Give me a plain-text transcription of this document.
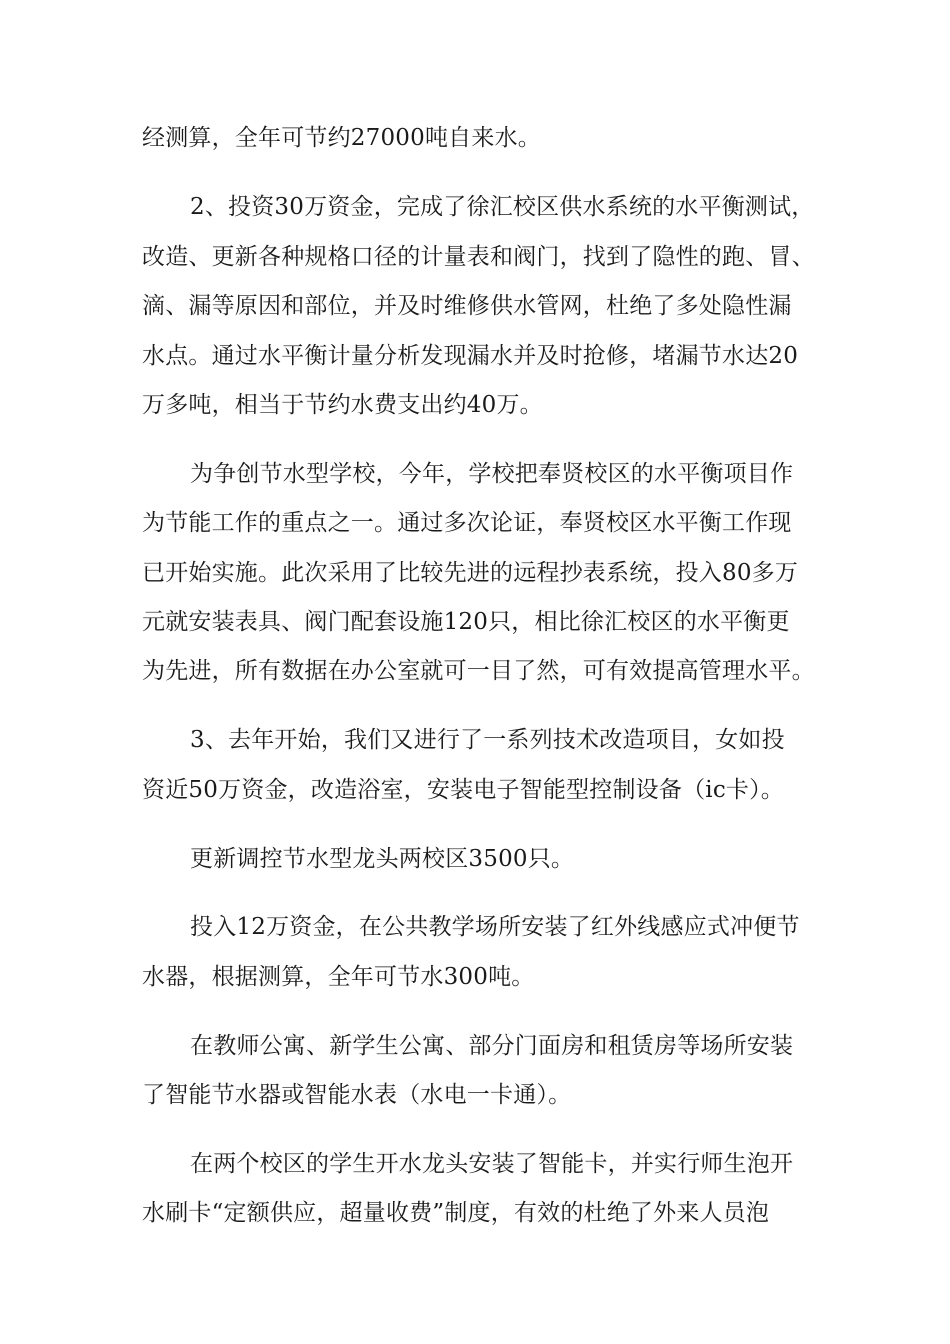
经测算，全年可节约27000吨自来水。
2、投资30万资金，完成了徐汇校区供水系统的水平衡测试，
改造、更新各种规格口径的计量表和阀门，找到了隐性的跑、冒、
滴、漏等原因和部位，并及时维修供水管网，杜绝了多处隐性漏
水点。通过水平衡计量分析发现漏水并及时抢修，堵漏节水达20
万多吨，相当于节约水费支出约40万。
为争创节水型学校，今年，学校把奉贤校区的水平衡项目作
为节能工作的重点之一。通过多次论证，奉贤校区水平衡工作现
已开始实施。此次采用了比较先进的远程抄表系统，投入80多万
元就安装表具、阀门配套设施120只，相比徐汇校区的水平衡更
为先进，所有数据在办公室就可一目了然，可有效提高管理水平。
3、去年开始，我们又进行了一系列技术改造项目，女如投
资近50万资金，改造浴室，安装电子智能型控制设备（ic卡）。
更新调控节水型龙头两校区3500只。
投入12万资金，在公共教学场所安装了红外线感应式冲便节
水器，根据测算，全年可节水300吨。
在教师公寓、新学生公寓、部分门面房和租赁房等场所安装
了智能节水器或智能水表（水电一卡通）。
在两个校区的学生开水龙头安装了智能卡，并实行师生泡开
水刷卡“定额供应，超量收费”制度，有效的杜绝了外来人员泡
